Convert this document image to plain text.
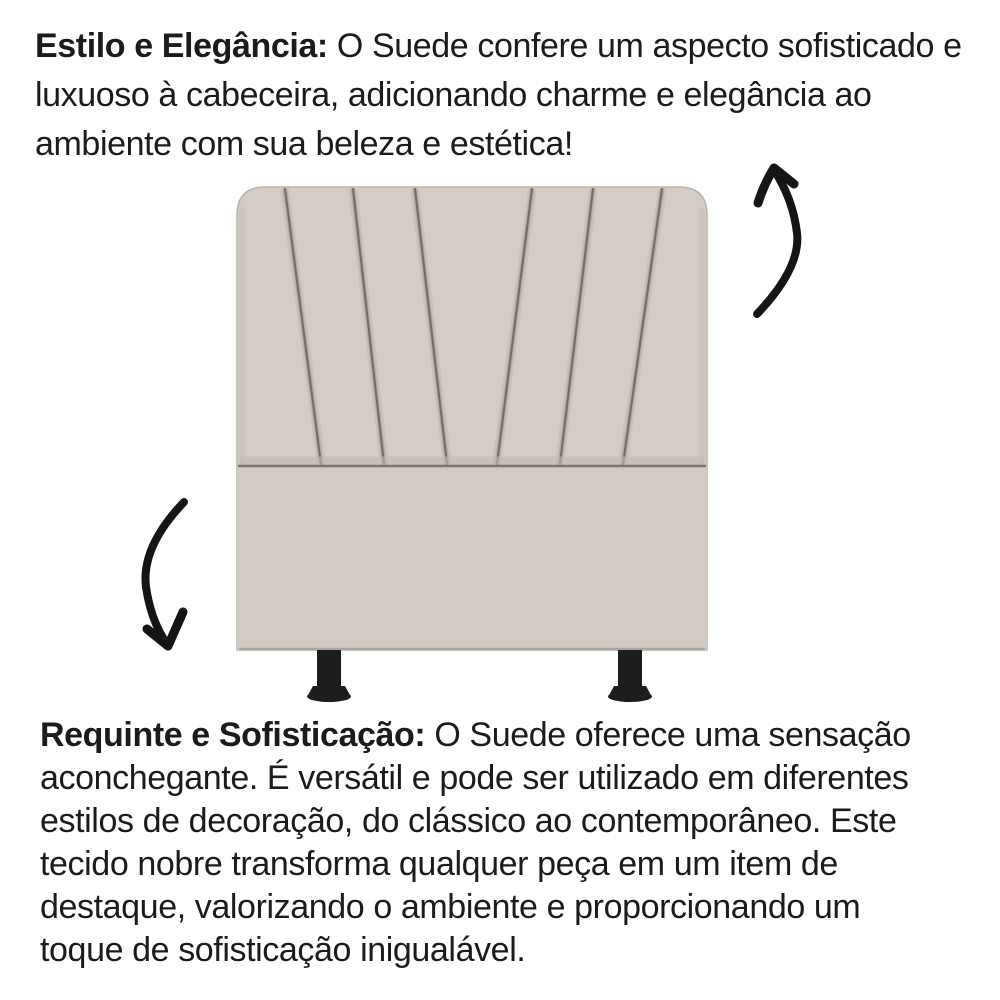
Estilo e Elegância: O Suede confere um aspecto sofisticado e
luxuoso à cabeceira, adicionando charme e elegância ao
ambiente com sua beleza e estética!
Requinte e Sofisticação: O Suede oferece uma sensação
aconchegante. É versátil e pode ser utilizado em diferentes
estilos de decoração, do clássico ao contemporâneo. Este
tecido nobre transforma qualquer peça em um item de
destaque, valorizando o ambiente e proporcionando um
toque de sofisticação inigualável.
